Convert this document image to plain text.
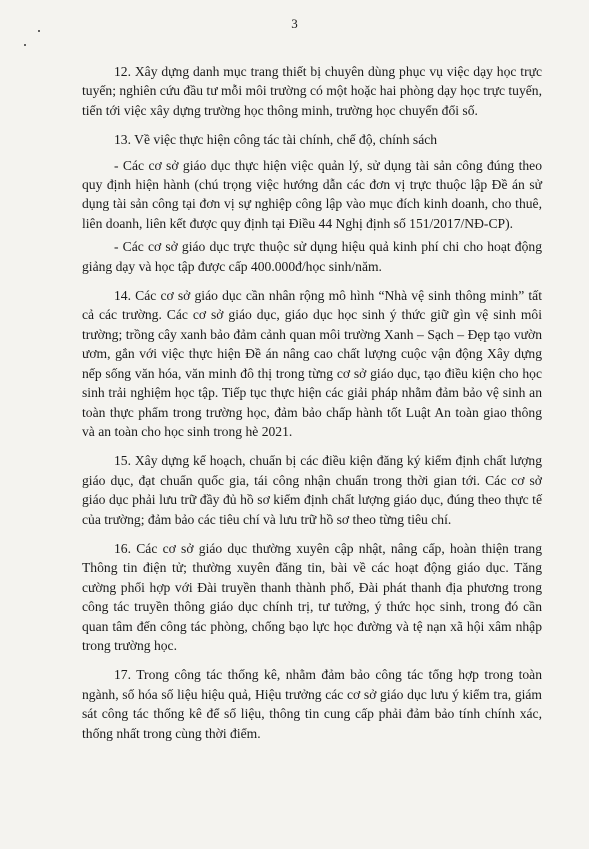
3

12. Xây dựng danh mục trang thiết bị chuyên dùng phục vụ việc dạy học trực tuyến; nghiên cứu đầu tư mỗi môi trường có một hoặc hai phòng dạy học trực tuyến, tiến tới việc xây dựng trường học thông minh, trường học chuyển đổi số.

13. Về việc thực hiện công tác tài chính, chế độ, chính sách

- Các cơ sở giáo dục thực hiện việc quản lý, sử dụng tài sản công đúng theo quy định hiện hành (chú trọng việc hướng dẫn các đơn vị trực thuộc lập Đề án sử dụng tài sản công tại đơn vị sự nghiệp công lập vào mục đích kinh doanh, cho thuê, liên doanh, liên kết được quy định tại Điều 44 Nghị định số 151/2017/NĐ-CP).

- Các cơ sở giáo dục trực thuộc sử dụng hiệu quả kinh phí chi cho hoạt động giảng dạy và học tập được cấp 400.000đ/học sinh/năm.

14. Các cơ sở giáo dục cần nhân rộng mô hình “Nhà vệ sinh thông minh” tất cả các trường. Các cơ sở giáo dục, giáo dục học sinh ý thức giữ gìn vệ sinh môi trường; trồng cây xanh bảo đảm cảnh quan môi trường Xanh – Sạch – Đẹp tạo vườn ươm, gắn với việc thực hiện Đề án nâng cao chất lượng cuộc vận động Xây dựng nếp sống văn hóa, văn minh đô thị trong từng cơ sở giáo dục, tạo điều kiện cho học sinh trải nghiệm học tập. Tiếp tục thực hiện các giải pháp nhằm đảm bảo vệ sinh an toàn thực phẩm trong trường học, đảm bảo chấp hành tốt Luật An toàn giao thông và an toàn cho học sinh trong hè 2021.

15. Xây dựng kế hoạch, chuẩn bị các điều kiện đăng ký kiểm định chất lượng giáo dục, đạt chuẩn quốc gia, tái công nhận chuẩn trong thời gian tới. Các cơ sở giáo dục phải lưu trữ đầy đủ hồ sơ kiểm định chất lượng giáo dục, đúng theo thực tế của trường; đảm bảo các tiêu chí và lưu trữ hồ sơ theo từng tiêu chí.

16. Các cơ sở giáo dục thường xuyên cập nhật, nâng cấp, hoàn thiện trang Thông tin điện tử; thường xuyên đăng tin, bài về các hoạt động giáo dục. Tăng cường phối hợp với Đài truyền thanh thành phố, Đài phát thanh địa phương trong công tác truyền thông giáo dục chính trị, tư tưởng, ý thức học sinh, trong đó cần quan tâm đến công tác phòng, chống bạo lực học đường và tệ nạn xã hội xâm nhập trong trường học.

17. Trong công tác thống kê, nhằm đảm bảo công tác tổng hợp trong toàn ngành, số hóa số liệu hiệu quả, Hiệu trưởng các cơ sở giáo dục lưu ý kiểm tra, giám sát công tác thống kê để số liệu, thông tin cung cấp phải đảm bảo tính chính xác, thống nhất trong cùng thời điểm.
